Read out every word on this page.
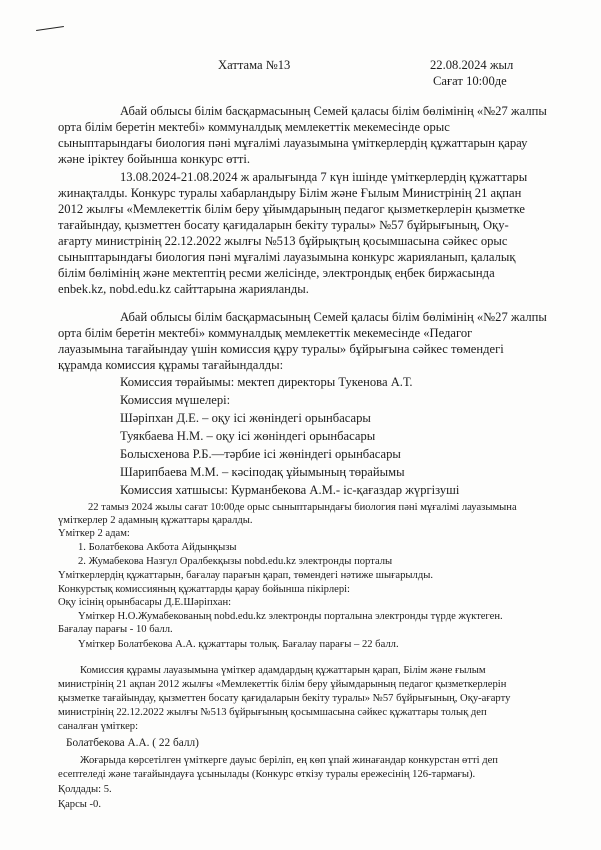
Хаттама №13	22.08.2024 жыл
Сағат 10:00де
Абай облысы білім басқармасының Семей қаласы білім бөлімінің «№27 жалпы
орта білім беретін мектебі» коммуналдық мемлекеттік мекемесінде орыс
сыныптарындағы биология пәні мұғалімі лауазымына үміткерлердің құжаттарын қарау
және іріктеу бойынша конкурс өтті.
13.08.2024-21.08.2024 ж аралығында 7 күн ішінде үміткерлердің құжаттары
жинақталды. Конкурс туралы хабарландыру Білім және Ғылым Министрінің 21 ақпан
2012 жылғы «Мемлекеттік білім беру ұйымдарының педагог қызметкерлерін қызметке
тағайындау, қызметтен босату қағидаларын бекіту туралы» №57 бұйрығының, Оқу-
ағарту министрінің 22.12.2022 жылғы №513 бұйрықтың қосымшасына сәйкес орыс
сыныптарындағы биология пәні мұғалімі лауазымына конкурс жарияланып, қалалық
білім бөлімінің және мектептің ресми желісінде, электрондық еңбек биржасында
enbek.kz, nobd.edu.kz сайттарына жарияланды.
Абай облысы білім басқармасының Семей қаласы білім бөлімінің «№27 жалпы
орта білім беретін мектебі» коммуналдық мемлекеттік мекемесінде «Педагог
лауазымына тағайындау үшін комиссия құру туралы» бұйрығына сәйкес төмендегі
құрамда комиссия құрамы тағайындалды:
Комиссия төрайымы: мектеп директоры Тукенова А.Т.
Комиссия мүшелері:
Шәріпхан Д.Е. – оқу ісі жөніндегі орынбасары
Туякбаева Н.М. – оқу ісі жөніндегі орынбасары
Болысхенова Р.Б.—тәрбие ісі жөніндегі орынбасары
Шарипбаева М.М. – кәсіподақ ұйымының төрайымы
Комиссия хатшысы: Курманбекова А.М.- іс-қағаздар жүргізуші
22 тамыз 2024 жылы сағат 10:00де орыс сыныптарындағы биология пәні мұғалімі лауазымына
үміткерлер 2 адамның құжаттары қаралды.
Үміткер 2 адам:
1. Болатбекова Акбота Айдынқызы
2. Жумабекова Назгул Оралбекқызы nobd.edu.kz электронды порталы
Үміткерлердің құжаттарын, бағалау парағын қарап, төмендегі нәтиже шығарылды.
Конкурстық комиссияның құжаттарды қарау бойынша пікірлері:
Оқу ісінің орынбасары Д.Е.Шәріпхан:
Үміткер Н.О.Жумабекованың nobd.edu.kz электронды порталына электронды түрде жүктеген.
Бағалау парағы - 10 балл.
Үміткер Болатбекова А.А. құжаттары толық. Бағалау парағы – 22 балл.
Комиссия құрамы лауазымына үміткер адамдардың құжаттарын қарап, Білім және ғылым
министрінің 21 ақпан 2012 жылғы «Мемлекеттік білім беру ұйымдарының педагог қызметкерлерін
қызметке тағайындау, қызметтен босату қағидаларын бекіту туралы» №57 бұйрығының, Оқу-ағарту
министрінің 22.12.2022 жылғы №513 бұйрығының қосымшасына сәйкес құжаттары толық деп
саналған үміткер:
Болатбекова А.А. ( 22 балл)
Жоғарыда көрсетілген үміткерге дауыс беріліп, ең көп ұпай жинағандар конкурстан өтті деп
есептеледі және тағайындауға ұсынылады (Конкурс өткізу туралы ережесінің 126-тармағы).
Қолдады: 5.
Қарсы -0.
